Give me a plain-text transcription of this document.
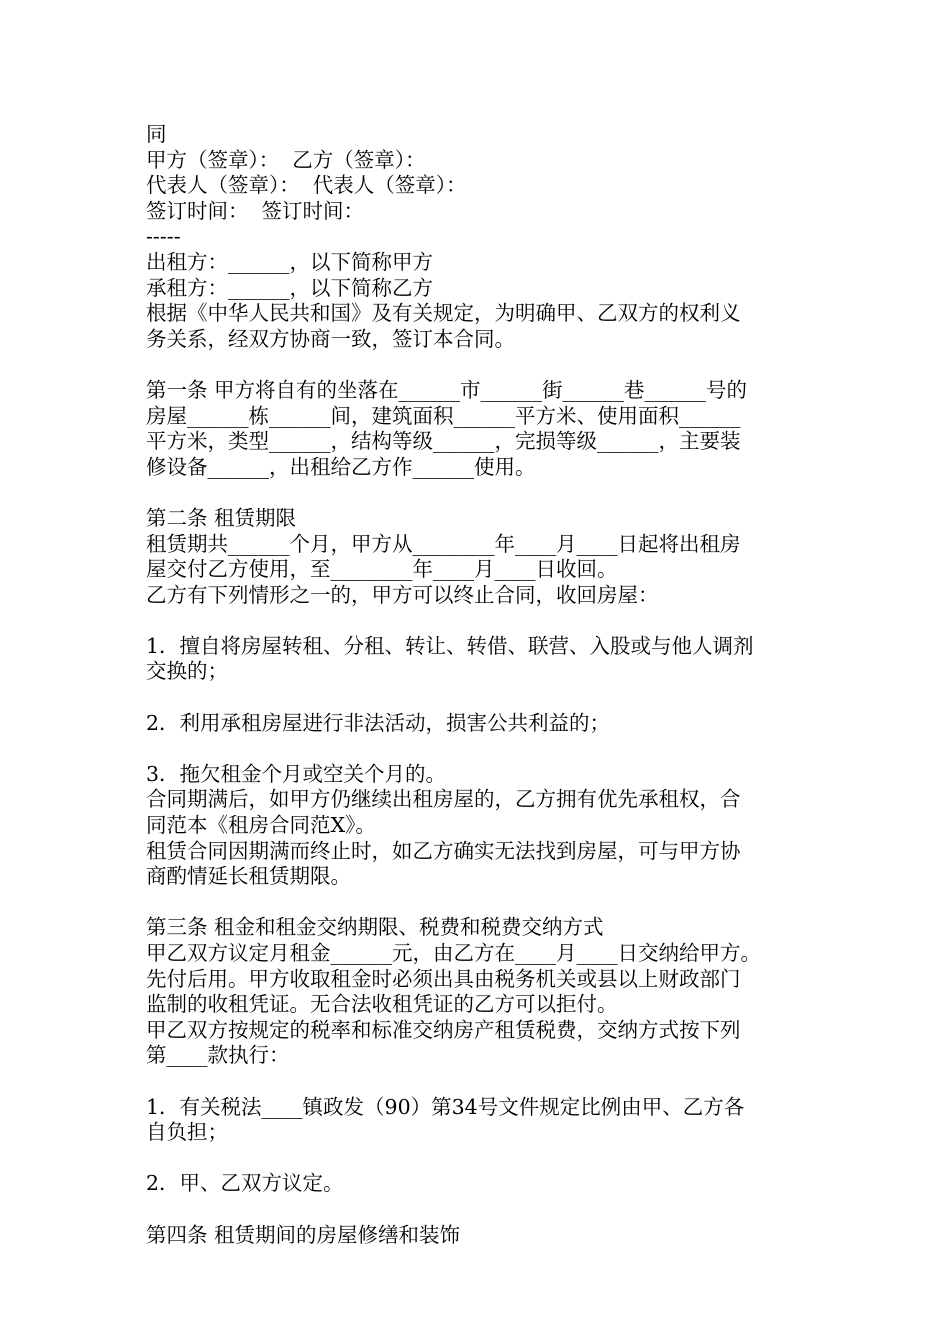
同
甲方（签章）：  乙方（签章）：
代表人（签章）：  代表人（签章）：
签订时间：  签订时间：
-----
出租方：______，以下简称甲方
承租方：______，以下简称乙方
根据《中华人民共和国》及有关规定，为明确甲、乙双方的权利义
务关系，经双方协商一致，签订本合同。
第一条 甲方将自有的坐落在______市______街______巷______号的
房屋______栋______间，建筑面积______平方米、使用面积______
平方米，类型______，结构等级______，完损等级______，主要装
修设备______，出租给乙方作______使用。
第二条 租赁期限
租赁期共______个月，甲方从________年____月____日起将出租房
屋交付乙方使用，至________年____月____日收回。
乙方有下列情形之一的，甲方可以终止合同，收回房屋：
1．擅自将房屋转租、分租、转让、转借、联营、入股或与他人调剂
交换的；
2．利用承租房屋进行非法活动，损害公共利益的；
3．拖欠租金个月或空关个月的。
合同期满后，如甲方仍继续出租房屋的，乙方拥有优先承租权，合
同范本《租房合同范X》。
租赁合同因期满而终止时，如乙方确实无法找到房屋，可与甲方协
商酌情延长租赁期限。
第三条 租金和租金交纳期限、税费和税费交纳方式
甲乙双方议定月租金______元，由乙方在____月____日交纳给甲方。
先付后用。甲方收取租金时必须出具由税务机关或县以上财政部门
监制的收租凭证。无合法收租凭证的乙方可以拒付。
甲乙双方按规定的税率和标准交纳房产租赁税费，交纳方式按下列
第____款执行：
1．有关税法____镇政发（90）第34号文件规定比例由甲、乙方各
自负担；
2．甲、乙双方议定。
第四条 租赁期间的房屋修缮和装饰
